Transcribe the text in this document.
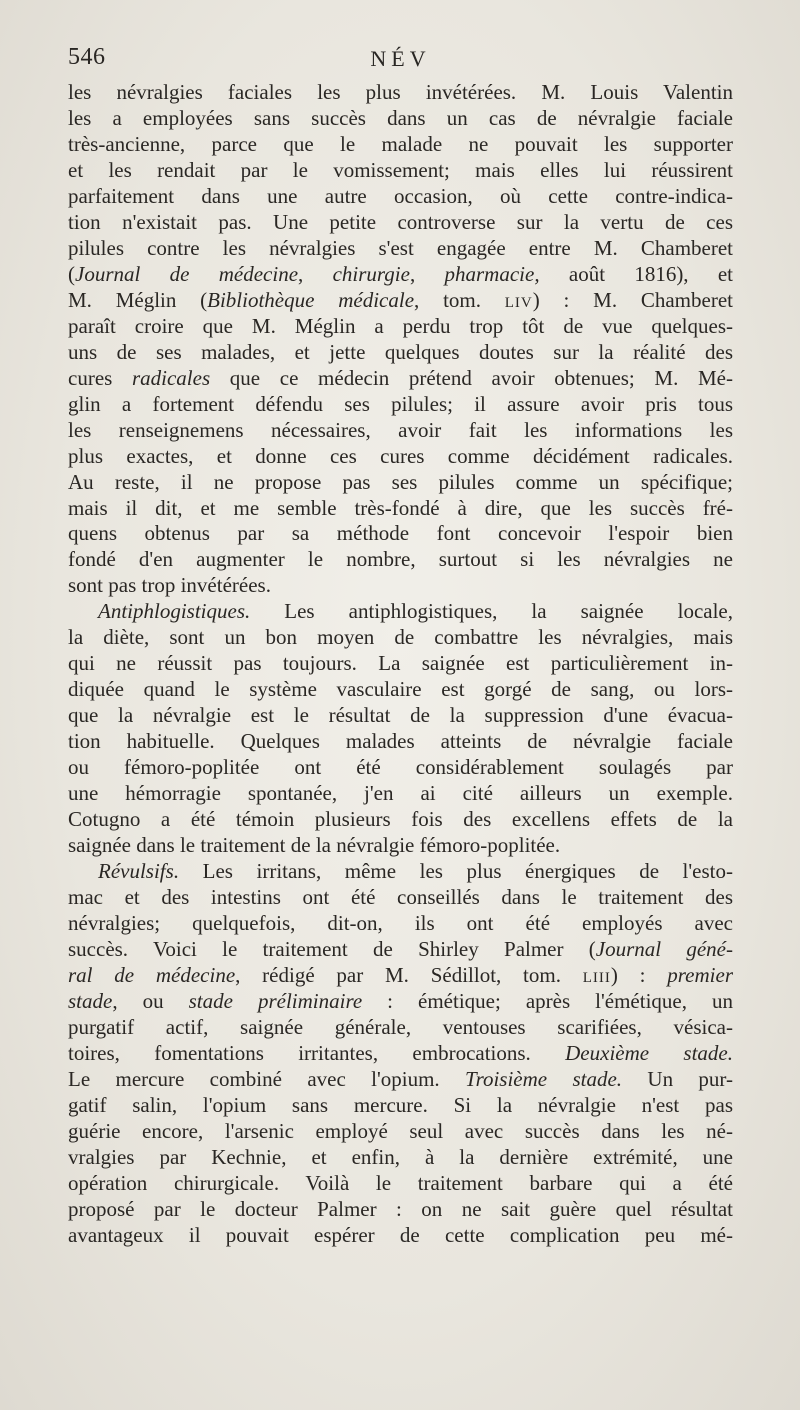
546	NÉV
les névralgies faciales les plus invétérées. M. Louis Valentin
les a employées sans succès dans un cas de névralgie faciale
très-ancienne, parce que le malade ne pouvait les supporter
et les rendait par le vomissement; mais elles lui réussirent
parfaitement dans une autre occasion, où cette contre-indica-
tion n'existait pas. Une petite controverse sur la vertu de ces
pilules contre les névralgies s'est engagée entre M. Chamberet
(Journal de médecine, chirurgie, pharmacie, août 1816), et
M. Méglin (Bibliothèque médicale, tom. LIV) : M. Chamberet
paraît croire que M. Méglin a perdu trop tôt de vue quelques-
uns de ses malades, et jette quelques doutes sur la réalité des
cures radicales que ce médecin prétend avoir obtenues; M. Mé-
glin a fortement défendu ses pilules; il assure avoir pris tous
les renseignemens nécessaires, avoir fait les informations les
plus exactes, et donne ces cures comme décidément radicales.
Au reste, il ne propose pas ses pilules comme un spécifique;
mais il dit, et me semble très-fondé à dire, que les succès fré-
quens obtenus par sa méthode font concevoir l'espoir bien
fondé d'en augmenter le nombre, surtout si les névralgies ne
sont pas trop invétérées.
Antiphlogistiques. Les antiphlogistiques, la saignée locale,
la diète, sont un bon moyen de combattre les névralgies, mais
qui ne réussit pas toujours. La saignée est particulièrement in-
diquée quand le système vasculaire est gorgé de sang, ou lors-
que la névralgie est le résultat de la suppression d'une évacua-
tion habituelle. Quelques malades atteints de névralgie faciale
ou fémoro-poplitée ont été considérablement soulagés par
une hémorragie spontanée, j'en ai cité ailleurs un exemple.
Cotugno a été témoin plusieurs fois des excellens effets de la
saignée dans le traitement de la névralgie fémoro-poplitée.
Révulsifs. Les irritans, même les plus énergiques de l'esto-
mac et des intestins ont été conseillés dans le traitement des
névralgies; quelquefois, dit-on, ils ont été employés avec
succès. Voici le traitement de Shirley Palmer (Journal géné-
ral de médecine, rédigé par M. Sédillot, tom. LIII) : premier
stade, ou stade préliminaire : émétique; après l'émétique, un
purgatif actif, saignée générale, ventouses scarifiées, vésica-
toires, fomentations irritantes, embrocations. Deuxième stade.
Le mercure combiné avec l'opium. Troisième stade. Un pur-
gatif salin, l'opium sans mercure. Si la névralgie n'est pas
guérie encore, l'arsenic employé seul avec succès dans les né-
vralgies par Kechnie, et enfin, à la dernière extrémité, une
opération chirurgicale. Voilà le traitement barbare qui a été
proposé par le docteur Palmer : on ne sait guère quel résultat
avantageux il pouvait espérer de cette complication peu mé-
